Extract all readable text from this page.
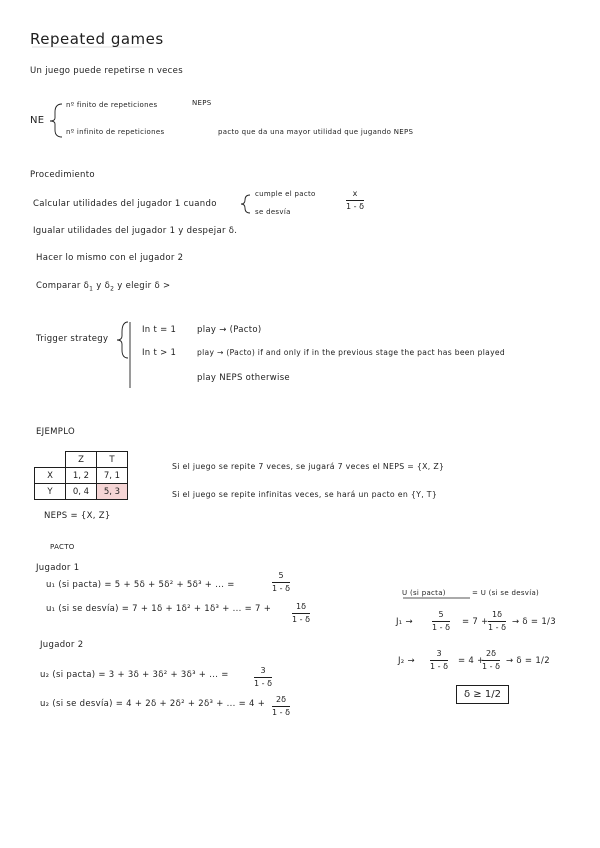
Repeated games
Un juego puede repetirse n veces
NE
nº finito de repeticiones	NEPS
nº infinito de repeticiones	pacto que da una mayor utilidad que jugando NEPS
Procedimiento
Calcular utilidades del jugador 1 cuando
cumple el pacto
se desvía
x
1 - δ
Igualar utilidades del jugador 1 y despejar δ.
Hacer lo mismo con el jugador 2
Comparar $\delta_1$ y $\delta_2$ y elegir δ >
Trigger strategy
In t = 1 play → (Pacto)
In t > 1	play → (Pacto) if and only if in the previous stage the pact has been played
play NEPS otherwise
EJEMPLO
	Z	T
X	1, 2	7, 1
Y	0, 4	5, 3
Si el juego se repite 7 veces, se jugará 7 veces el NEPS = {X, Z}
Si el juego se repite infinitas veces, se hará un pacto en {Y, T}
NEPS = {X, Z}
PACTO
Jugador 1
u₁ (si pacta) = 5 + 5δ + 5δ² + 5δ³ + ... =
5
1 - δ
u₁ (si se desvía) = 7 + 1δ + 1δ² + 1δ³ + ... = 7 +	1δ
1 - δ
Jugador 2
u₂ (si pacta) = 3 + 3δ + 3δ² + 3δ³ + ... =	3
1 - δ
u₂ (si se desvía) = 4 + 2δ + 2δ² + 2δ³ + ... = 4 + 2δ
1 - δ
U (si pacta)	= U (si se desvía)
J₁ →
5
1 - δ
= 7 +
1δ
1 - δ
→ δ = 1/3
J₂ →
3
1 - δ
= 4 +
2δ
1 - δ
→ δ = 1/2
δ ≥ 1/2
